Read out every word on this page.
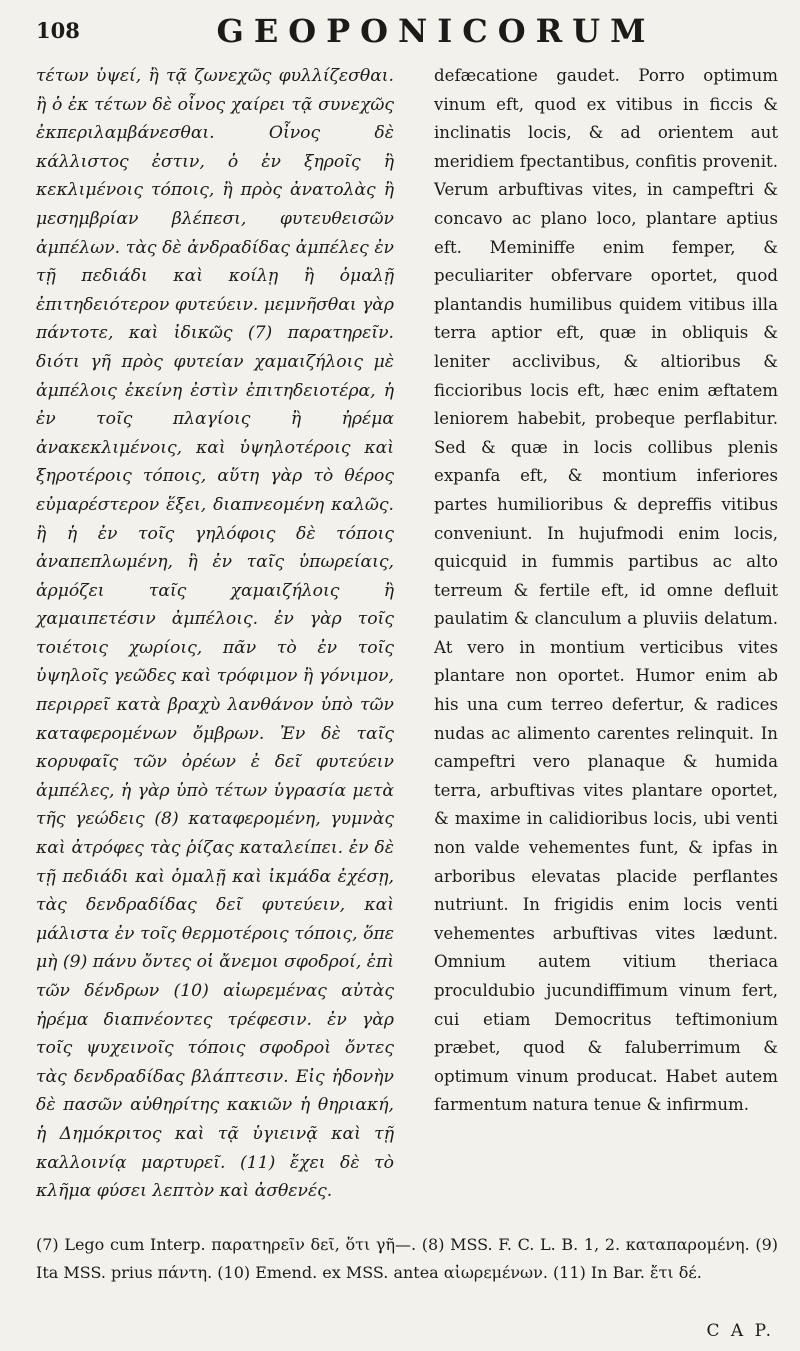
108	GEOPONICORUM

τέτων ὑψεί, ἢ τᾷ ζωνεχῶς φυλλίζεσθαι. ἢ ὁ ἐκ τέτων δὲ οἶνος χαίρει τᾷ συνεχῶς ἐκπεριλαμβάνεσθαι. Οἶνος δὲ κάλλιστος ἐστιν, ὁ ἐν ξηροῖς ἢ κεκλιμένοις τόποις, ἢ πρὸς ἀνατολὰς ἢ μεσημβρίαν βλέπεσι, φυτευθεισῶν ἀμπέλων. τὰς δὲ ἀνδραδίδας ἀμπέλες ἐν τῇ πεδιάδι καὶ κοίλῃ ἢ ὁμαλῇ ἐπιτηδειότερον φυτεύειν. μεμνῆσθαι γὰρ πάντοτε, καὶ ἰδικῶς (7) παρατηρεῖν. διότι γῆ πρὸς φυτείαν χαμαιζήλοις μὲ ἀμπέλοις ἐκείνη ἐστὶν ἐπιτηδειοτέρα, ἡ ἐν τοῖς πλαγίοις ἢ ἠρέμα ἀνακεκλιμένοις, καὶ ὑψηλοτέροις καὶ ξηροτέροις τόποις, αὕτη γὰρ τὸ θέρος εὐμαρέστερον ἕξει, διαπνεομένη καλῶς. ἢ ἡ ἐν τοῖς γηλόφοις δὲ τόποις ἀναπεπλωμένη, ἢ ἐν ταῖς ὑπωρείαις, ἁρμόζει ταῖς χαμαιζήλοις ἢ χαμαιπετέσιν ἀμπέλοις. ἐν γὰρ τοῖς τοιέτοις χωρίοις, πᾶν τὸ ἐν τοῖς ὑψηλοῖς γεῶδες καὶ τρόφιμον ἢ γόνιμον, περιρρεῖ κατὰ βραχὺ λανθάνον ὑπὸ τῶν καταφερομένων ὄμβρων. Ἐν δὲ ταῖς κορυφαῖς τῶν ὀρέων ἐ δεῖ φυτεύειν ἀμπέλες, ἡ γὰρ ὑπὸ τέτων ὑγρασία μετὰ τῆς γεώδεις (8) καταφερομένη, γυμνὰς καὶ ἀτρόφες τὰς ῥίζας καταλείπει. ἐν δὲ τῇ πεδιάδι καὶ ὁμαλῇ καὶ ἰκμάδα ἐχέσῃ, τὰς δενδραδίδας δεῖ φυτεύειν, καὶ μάλιστα ἐν τοῖς θερμοτέροις τόποις, ὅπε μὴ (9) πάνυ ὄντες οἱ ἄνεμοι σφοδροί, ἐπὶ τῶν δένδρων (10) αἰωρεμένας αὐτὰς ἠρέμα διαπνέοντες τρέφεσιν. ἐν γὰρ τοῖς ψυχεινοῖς τόποις σφοδροὶ ὄντες τὰς δενδραδίδας βλάπτεσιν. Εἰς ἡδονὴν δὲ πασῶν αὐθηρίτης κακιῶν ἡ θηριακή, ἡ Δημόκριτος καὶ τᾷ ὑγιεινᾷ καὶ τῇ καλλοινίᾳ μαρτυρεῖ. (11) ἔχει δὲ τὸ κλῆμα φύσει λεπτὸν καὶ ἀσθενές.

defæcatione gaudet. Porro optimum vinum eft, quod ex vitibus in ficcis & inclinatis locis, & ad orientem aut meridiem fpectantibus, confitis provenit. Verum arbuftivas vites, in campeftri & concavo ac plano loco, plantare aptius eft. Meminiffe enim femper, & peculiariter obfervare oportet, quod plantandis humilibus quidem vitibus illa terra aptior eft, quæ in obliquis & leniter acclivibus, & altioribus & ficcioribus locis eft, hæc enim æftatem leniorem habebit, probeque perflabitur. Sed & quæ in locis collibus plenis expanfa eft, & montium inferiores partes humilioribus & depreffis vitibus conveniunt. In hujufmodi enim locis, quicquid in fummis partibus ac alto terreum & fertile eft, id omne defluit paulatim & clanculum a pluviis delatum. At vero in montium verticibus vites plantare non oportet. Humor enim ab his una cum terreo defertur, & radices nudas ac alimento carentes relinquit. In campeftri vero planaque & humida terra, arbuftivas vites plantare oportet, & maxime in calidioribus locis, ubi venti non valde vehementes funt, & ipfas in arboribus elevatas placide perflantes nutriunt. In frigidis enim locis venti vehementes arbuftivas vites lædunt. Omnium autem vitium theriaca proculdubio jucundiffimum vinum fert, cui etiam Democritus teftimonium præbet, quod & faluberrimum & optimum vinum producat. Habet autem farmentum natura tenue & infirmum.

(7) Lego cum Interp. παρατηρεῖν δεῖ, ὅτι γῆ—. (8) MSS. F. C. L. B. 1, 2. καταπαρομένη. (9) Ita MSS. prius πάντη. (10) Emend. ex MSS. antea αἰωρεμένων. (11) In Bar. ἔτι δέ.

C A P.
